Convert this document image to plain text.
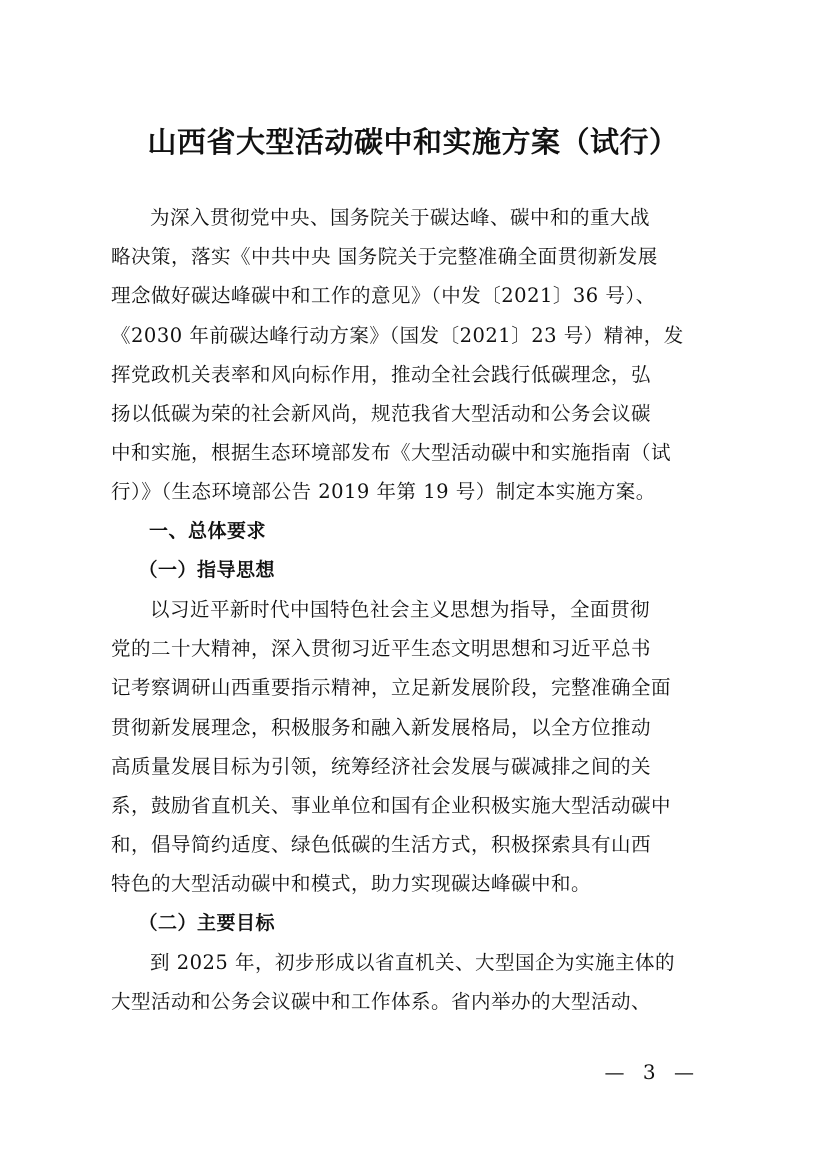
山西省大型活动碳中和实施方案（试行）
为深入贯彻党中央、国务院关于碳达峰、碳中和的重大战
略决策，落实《中共中央 国务院关于完整准确全面贯彻新发展
理念做好碳达峰碳中和工作的意见》（中发〔2021〕36 号）、
《2030 年前碳达峰行动方案》（国发〔2021〕23 号）精神，发
挥党政机关表率和风向标作用，推动全社会践行低碳理念，弘
扬以低碳为荣的社会新风尚，规范我省大型活动和公务会议碳
中和实施，根据生态环境部发布《大型活动碳中和实施指南（试
行）》（生态环境部公告 2019 年第 19 号）制定本实施方案。
一、总体要求
（一）指导思想
以习近平新时代中国特色社会主义思想为指导，全面贯彻
党的二十大精神，深入贯彻习近平生态文明思想和习近平总书
记考察调研山西重要指示精神，立足新发展阶段，完整准确全面
贯彻新发展理念，积极服务和融入新发展格局，以全方位推动
高质量发展目标为引领，统筹经济社会发展与碳减排之间的关
系，鼓励省直机关、事业单位和国有企业积极实施大型活动碳中
和，倡导简约适度、绿色低碳的生活方式，积极探索具有山西
特色的大型活动碳中和模式，助力实现碳达峰碳中和。
（二）主要目标
到 2025 年，初步形成以省直机关、大型国企为实施主体的
大型活动和公务会议碳中和工作体系。省内举办的大型活动、
— 3 —
